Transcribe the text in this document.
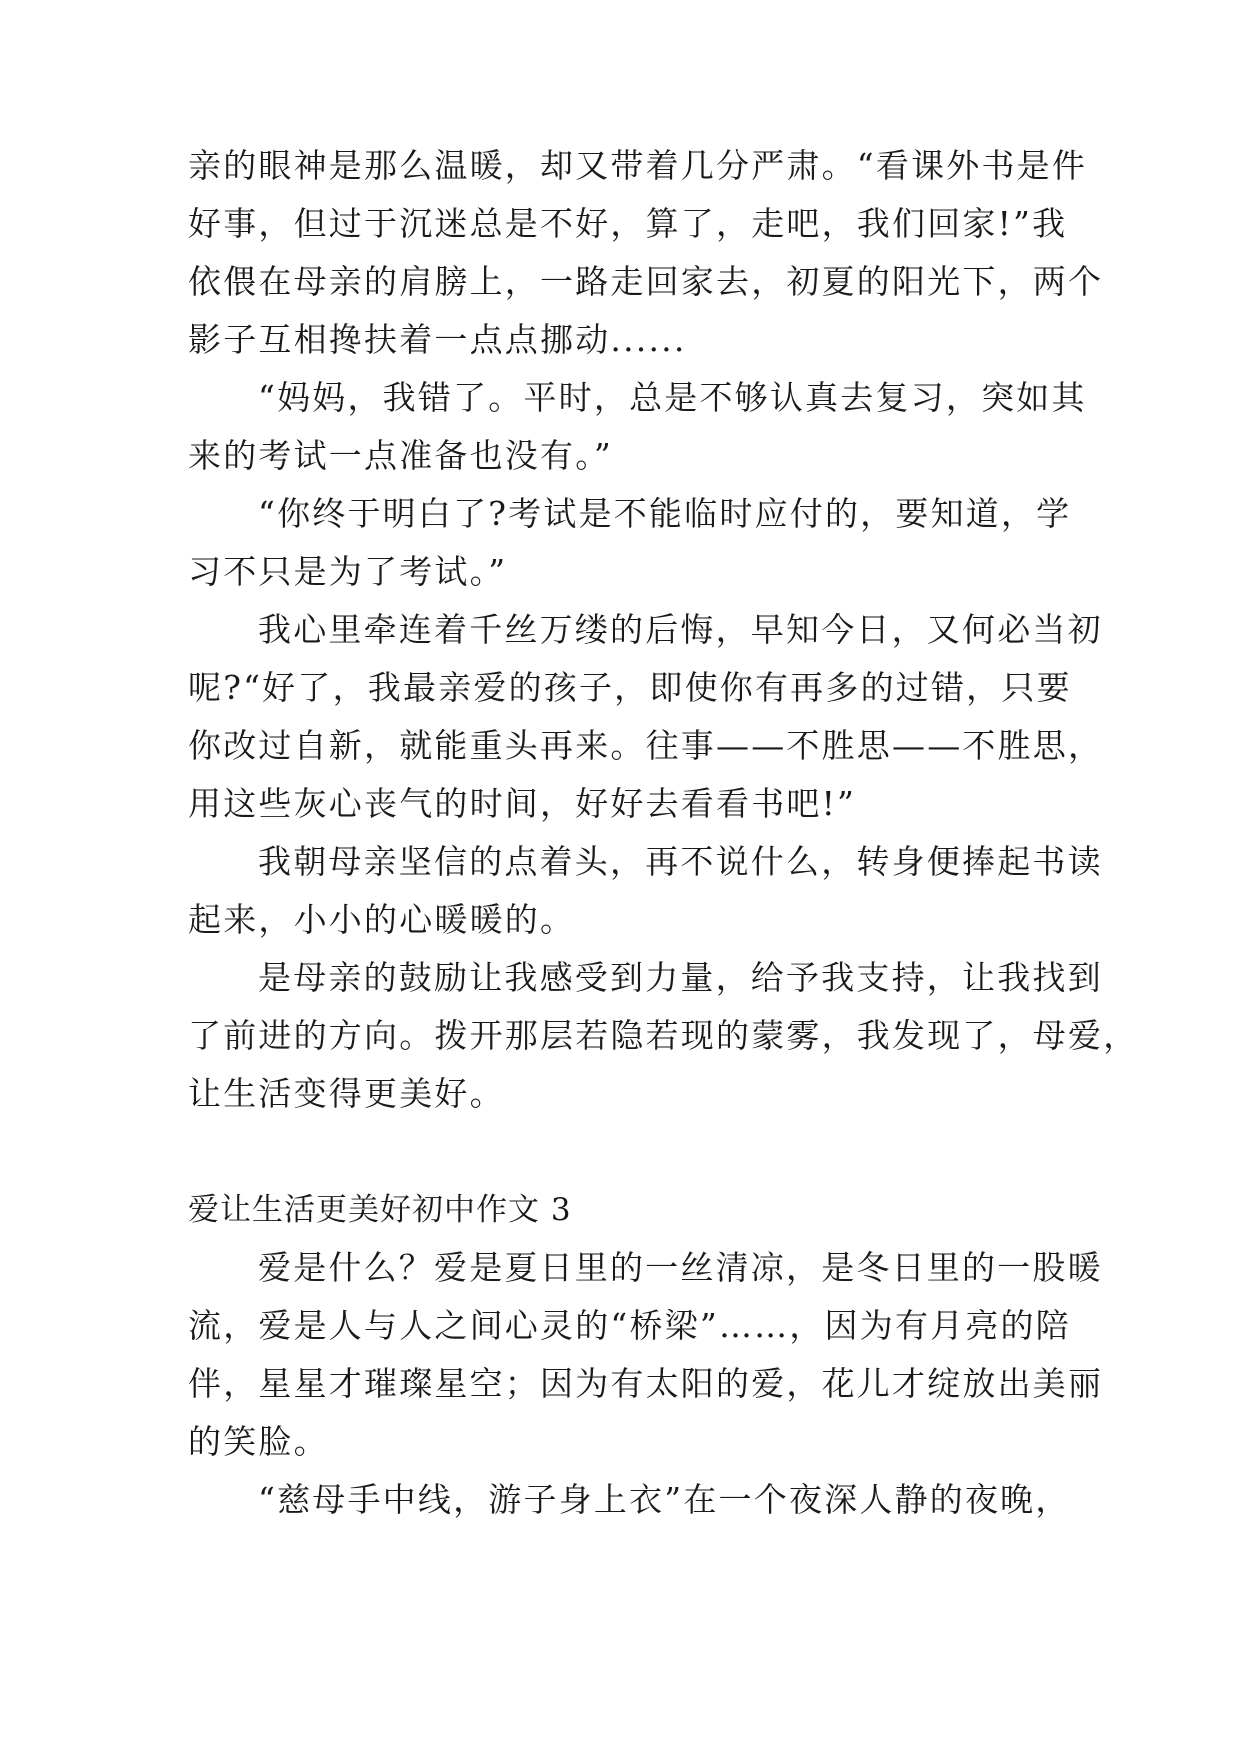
亲的眼神是那么温暖，却又带着几分严肃。“看课外书是件
好事，但过于沉迷总是不好，算了，走吧，我们回家!”我
依偎在母亲的肩膀上，一路走回家去，初夏的阳光下，两个
影子互相搀扶着一点点挪动......
“妈妈，我错了。平时，总是不够认真去复习，突如其
来的考试一点准备也没有。”
“你终于明白了?考试是不能临时应付的，要知道，学
习不只是为了考试。”
我心里牵连着千丝万缕的后悔，早知今日，又何必当初
呢?“好了，我最亲爱的孩子，即使你有再多的过错，只要
你改过自新，就能重头再来。往事——不胜思——不胜思，
用这些灰心丧气的时间，好好去看看书吧!”
我朝母亲坚信的点着头，再不说什么，转身便捧起书读
起来，小小的心暖暖的。
是母亲的鼓励让我感受到力量，给予我支持，让我找到
了前进的方向。拨开那层若隐若现的蒙雾，我发现了，母爱，
让生活变得更美好。
爱让生活更美好初中作文 3
爱是什么？爱是夏日里的一丝清凉，是冬日里的一股暖
流，爱是人与人之间心灵的“桥梁”……，因为有月亮的陪
伴，星星才璀璨星空；因为有太阳的爱，花儿才绽放出美丽
的笑脸。
“慈母手中线，游子身上衣”在一个夜深人静的夜晚，
